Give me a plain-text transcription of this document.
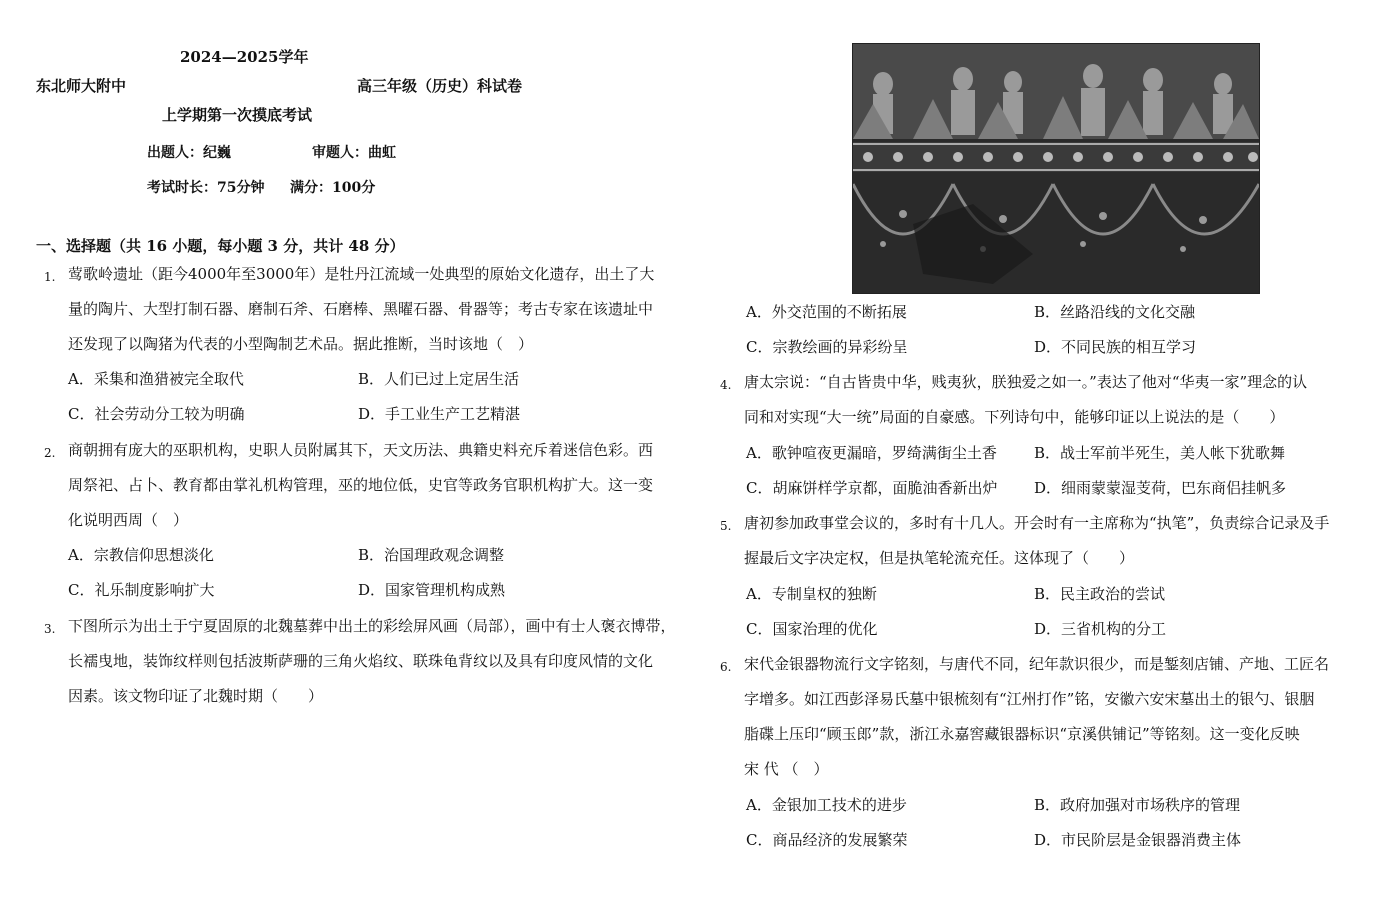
2024—2025学年
东北师大附中	高三年级（历史）科试卷
上学期第一次摸底考试
出题人：纪巍	审题人：曲虹
考试时长：75分钟 满分：100分
一、选择题（共 16 小题，每小题 3 分，共计 48 分）
1. 莺歌岭遗址（距今4000年至3000年）是牡丹江流域一处典型的原始文化遗存，出土了大
量的陶片、大型打制石器、磨制石斧、石磨棒、黑曜石器、骨器等；考古专家在该遗址中
还发现了以陶猪为代表的小型陶制艺术品。据此推断，当时该地（　）
A．采集和渔猎被完全取代	B．人们已过上定居生活
C．社会劳动分工较为明确	D．手工业生产工艺精湛
2. 商朝拥有庞大的巫职机构，史职人员附属其下，天文历法、典籍史料充斥着迷信色彩。西
周祭祀、占卜、教育都由掌礼机构管理，巫的地位低，史官等政务官职机构扩大。这一变
化说明西周（　）
A．宗教信仰思想淡化	B．治国理政观念调整
C．礼乐制度影响扩大	D．国家管理机构成熟
3. 下图所示为出土于宁夏固原的北魏墓葬中出土的彩绘屏风画（局部），画中有士人褒衣博带，
长襦曳地，装饰纹样则包括波斯萨珊的三角火焰纹、联珠龟背纹以及具有印度风情的文化
因素。该文物印证了北魏时期（　　）
A．外交范围的不断拓展	B．丝路沿线的文化交融
C．宗教绘画的异彩纷呈	D．不同民族的相互学习
4. 唐太宗说：“自古皆贵中华，贱夷狄，朕独爱之如一。”表达了他对“华夷一家”理念的认
同和对实现“大一统”局面的自豪感。下列诗句中，能够印证以上说法的是（　　）
A．歌钟喧夜更漏暗，罗绮满街尘土香 B．战士军前半死生，美人帐下犹歌舞
C．胡麻饼样学京都，面脆油香新出炉 D．细雨蒙蒙湿芰荷，巴东商侣挂帆多
5. 唐初参加政事堂会议的，多时有十几人。开会时有一主席称为“执笔”，负责综合记录及手
握最后文字决定权，但是执笔轮流充任。这体现了（　　）
A．专制皇权的独断	B．民主政治的尝试
C．国家治理的优化	D．三省机构的分工
6. 宋代金银器物流行文字铭刻，与唐代不同，纪年款识很少，而是錾刻店铺、产地、工匠名
字增多。如江西彭泽易氏墓中银梳刻有“江州打作”铭，安徽六安宋墓出土的银勺、银胭
脂碟上压印“顾玉郎”款，浙江永嘉窖藏银器标识“京溪供铺记”等铭刻。这一变化反映
宋 代 （　）
A．金银加工技术的进步	B．政府加强对市场秩序的管理
C．商品经济的发展繁荣	D．市民阶层是金银器消费主体
